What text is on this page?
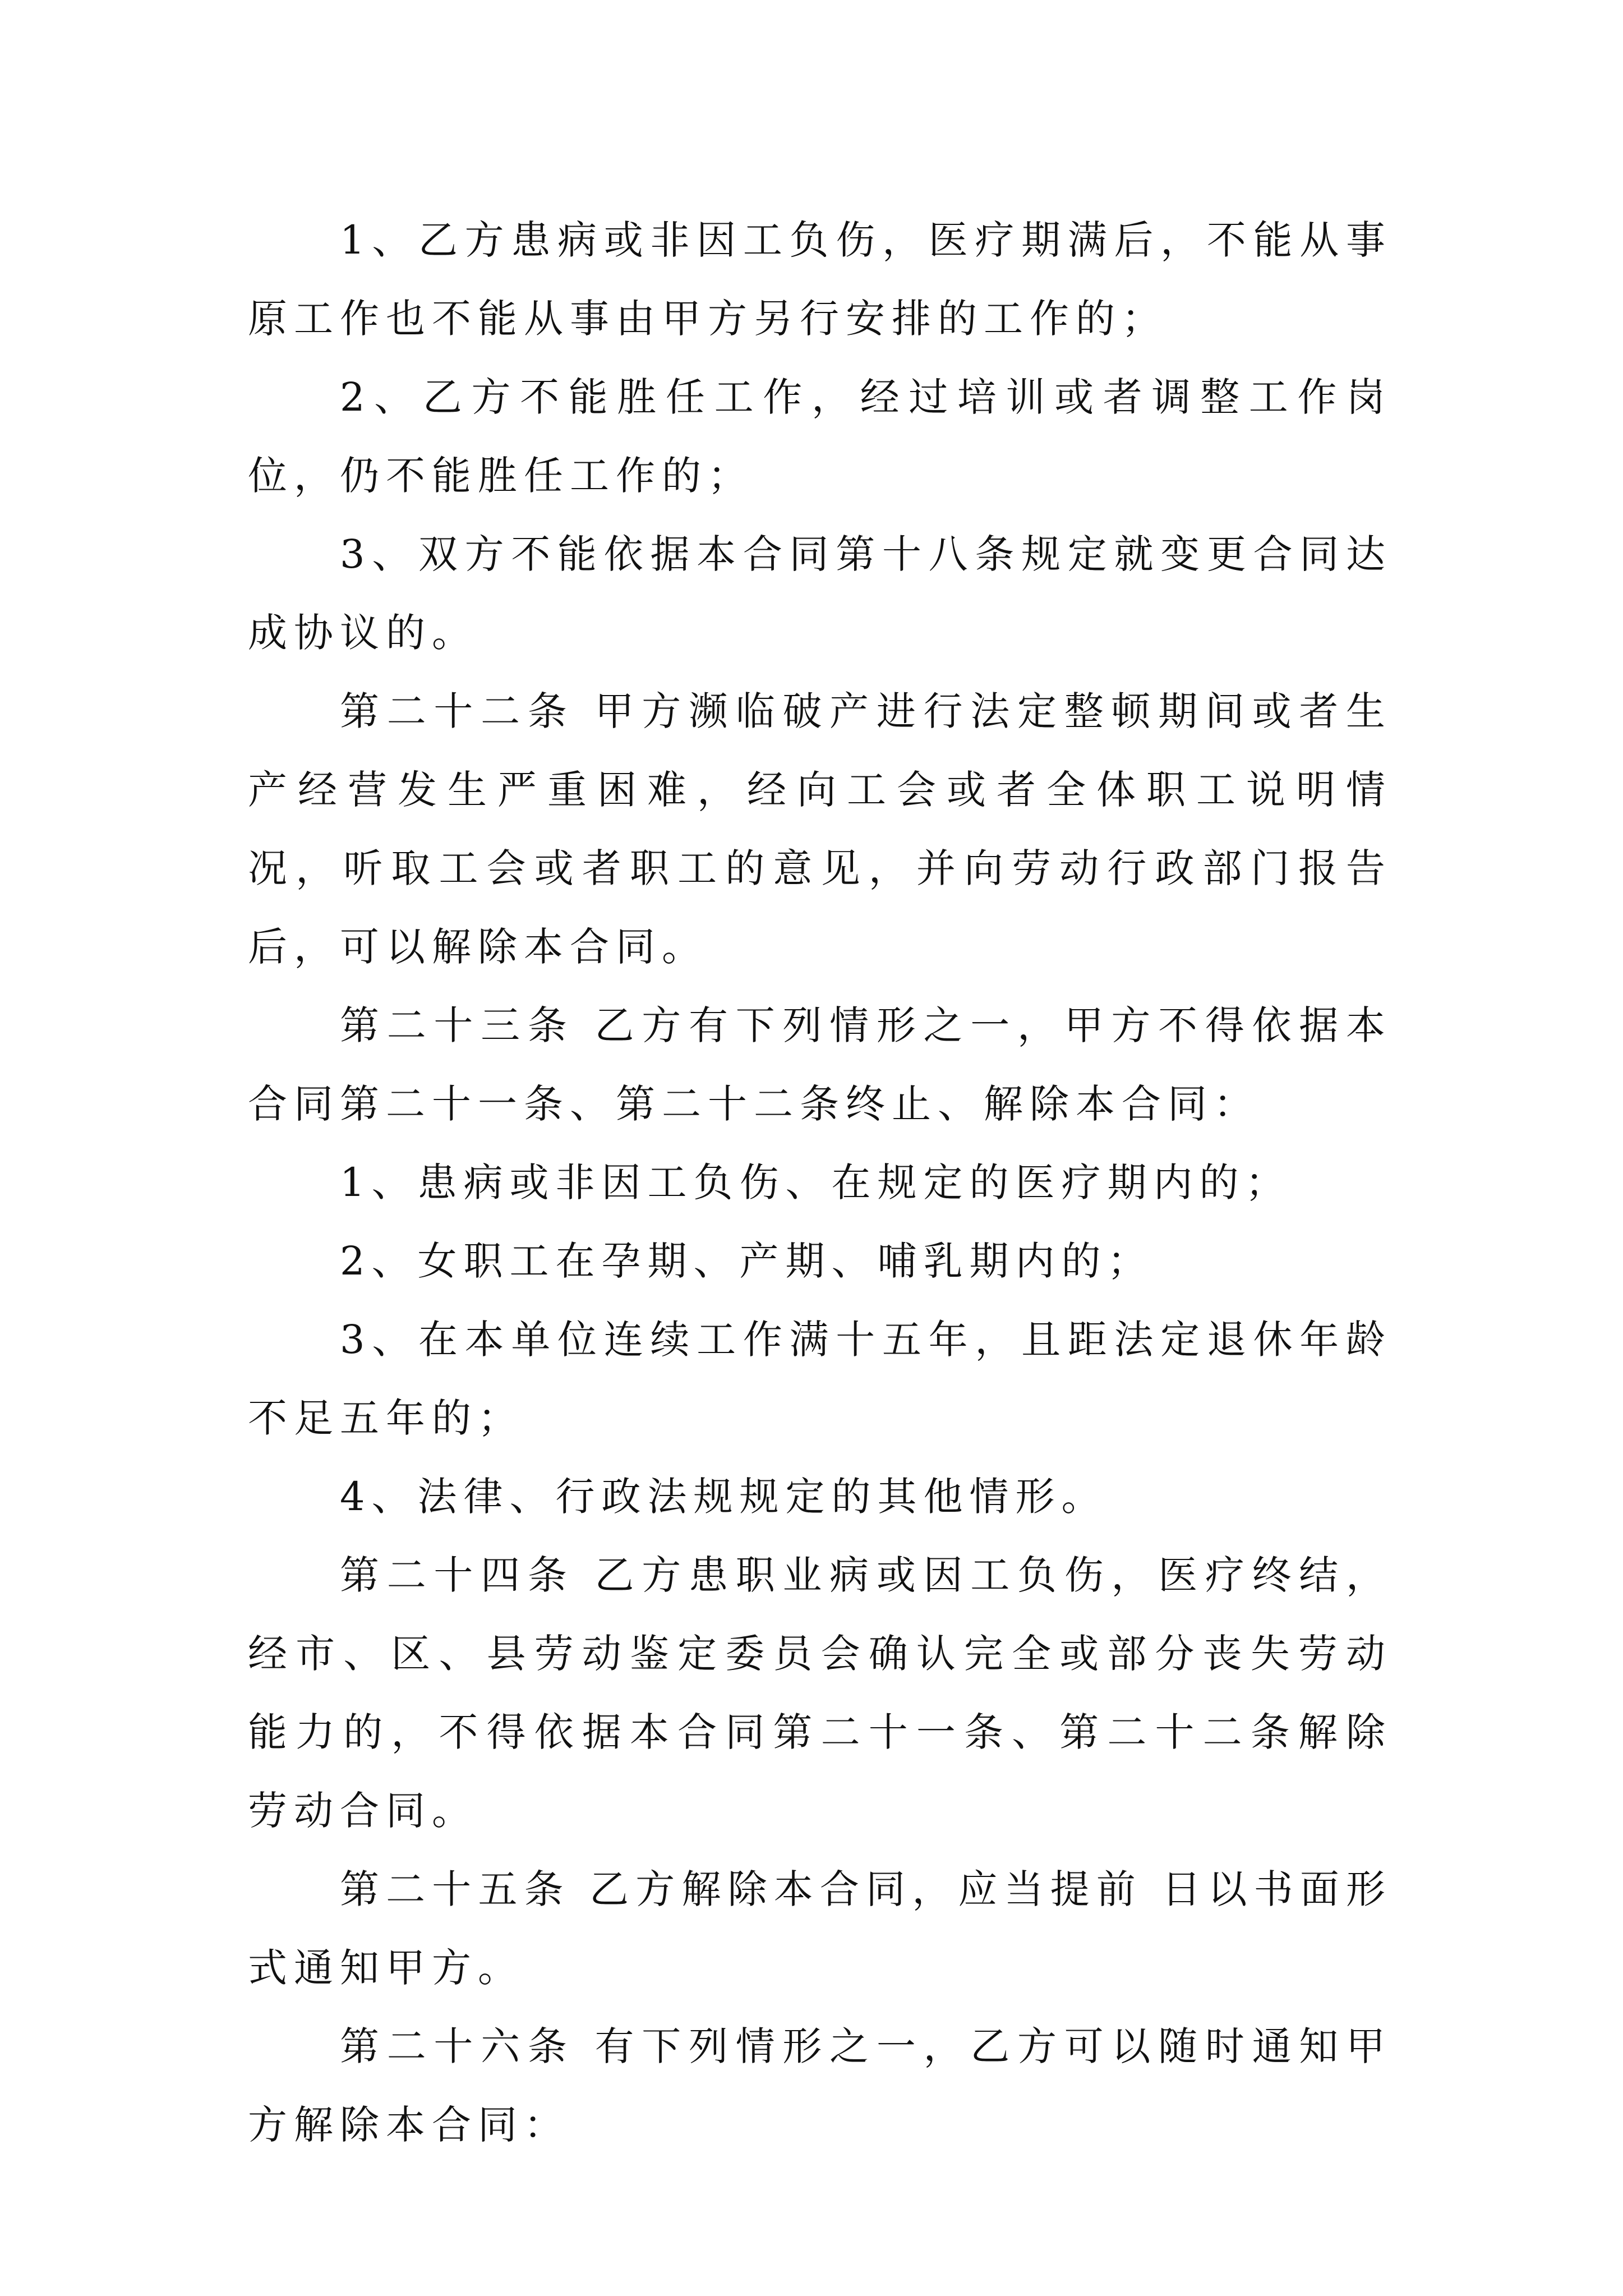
1、乙方患病或非因工负伤，医疗期满后，不能从事原工作也不能从事由甲方另行安排的工作的；

2、乙方不能胜任工作，经过培训或者调整工作岗位，仍不能胜任工作的；

3、双方不能依据本合同第十八条规定就变更合同达成协议的。

第二十二条 甲方濒临破产进行法定整顿期间或者生产经营发生严重困难，经向工会或者全体职工说明情况，听取工会或者职工的意见，并向劳动行政部门报告后，可以解除本合同。

第二十三条 乙方有下列情形之一，甲方不得依据本合同第二十一条、第二十二条终止、解除本合同：

1、患病或非因工负伤、在规定的医疗期内的；

2、女职工在孕期、产期、哺乳期内的；

3、在本单位连续工作满十五年，且距法定退休年龄不足五年的；

4、法律、行政法规规定的其他情形。

第二十四条 乙方患职业病或因工负伤，医疗终结，经市、区、县劳动鉴定委员会确认完全或部分丧失劳动能力的，不得依据本合同第二十一条、第二十二条解除劳动合同。

第二十五条 乙方解除本合同，应当提前 日以书面形式通知甲方。

第二十六条 有下列情形之一，乙方可以随时通知甲方解除本合同：
